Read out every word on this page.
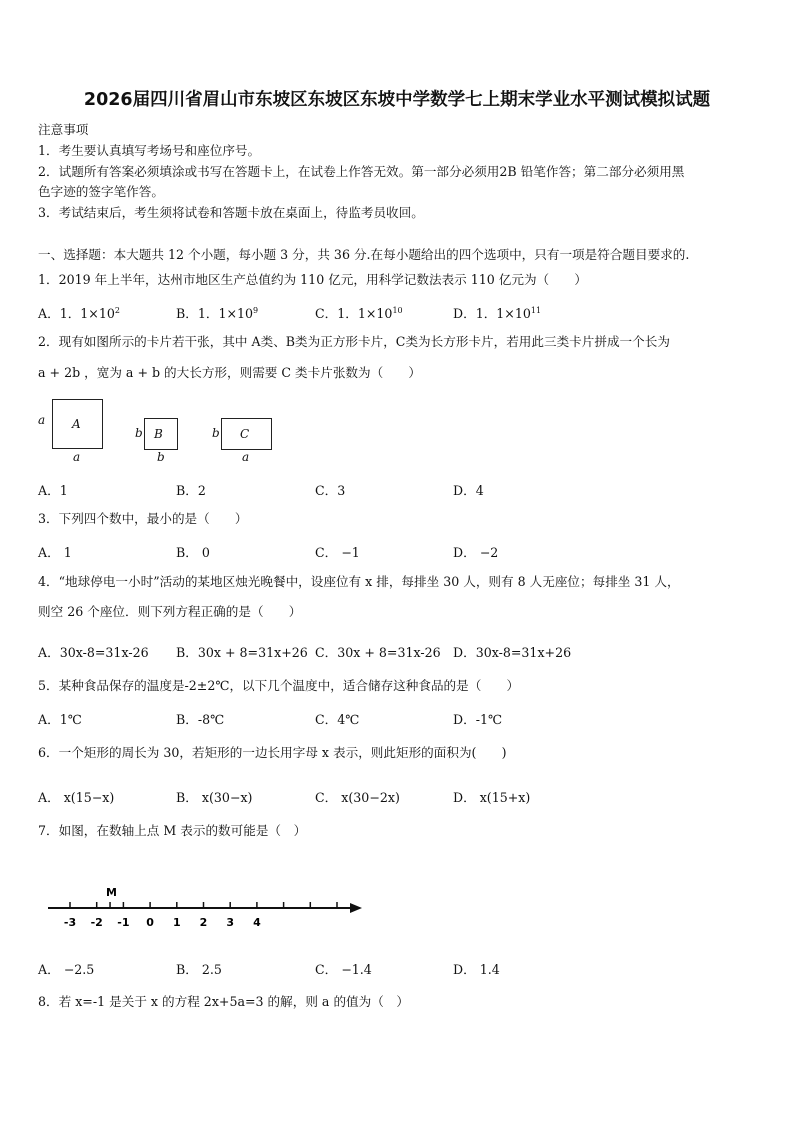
2026届四川省眉山市东坡区东坡区东坡中学数学七上期末学业水平测试模拟试题
注意事项
1．考生要认真填写考场号和座位序号。
2．试题所有答案必须填涂或书写在答题卡上，在试卷上作答无效。第一部分必须用2B 铅笔作答；第二部分必须用黑
色字迹的签字笔作答。
3．考试结束后，考生须将试卷和答题卡放在桌面上，待监考员收回。
一、选择题：本大题共 12 个小题，每小题 3 分，共 36 分.在每小题给出的四个选项中，只有一项是符合题目要求的.
1．2019 年上半年，达州市地区生产总值约为 110 亿元，用科学记数法表示 110 亿元为（　　）
A．1．$1\times 10^2$	B．1．$1\times 10^9$	C．1．$1\times 10^{10}$	D．1．$1\times 10^{11}$
2．现有如图所示的卡片若干张，其中 A类、B类为正方形卡片，C类为长方形卡片，若用此三类卡片拼成一个长为
a + 2b ，宽为 a + b 的大长方形，则需要 C 类卡片张数为（　　）
a A
a
b B
b
b C
a
A．1	B．2	C．3	D．4
3．下列四个数中，最小的是（　　）
A． 1	B． 0	C． −1	D． −2
4．“地球停电一小时”活动的某地区烛光晚餐中，设座位有 x 排，每排坐 30 人，则有 8 人无座位；每排坐 31 人，
则空 26 个座位．则下列方程正确的是（　　）
A．30x-8=31x-26 B．30x + 8=31x+26 C．30x + 8=31x-26 D．30x-8=31x+26
5．某种食品保存的温度是-2±2℃，以下几个温度中，适合储存这种食品的是（　　）
A．1℃	B．-8℃	C．4℃	D．-1℃
6．一个矩形的周长为 30，若矩形的一边长用字母 x 表示，则此矩形的面积为(　　)
A． x(15−x)	B． x(30−x)	C． x(30−2x)	D． x(15+x)
7．如图，在数轴上点 M 表示的数可能是（　）
-3 -2 -1 0 1 2 3 4
M
A． −2.5	B． 2.5	C． −1.4	D． 1.4
8．若 x=-1 是关于 x 的方程 2x+5a=3 的解，则 a 的值为（　）
